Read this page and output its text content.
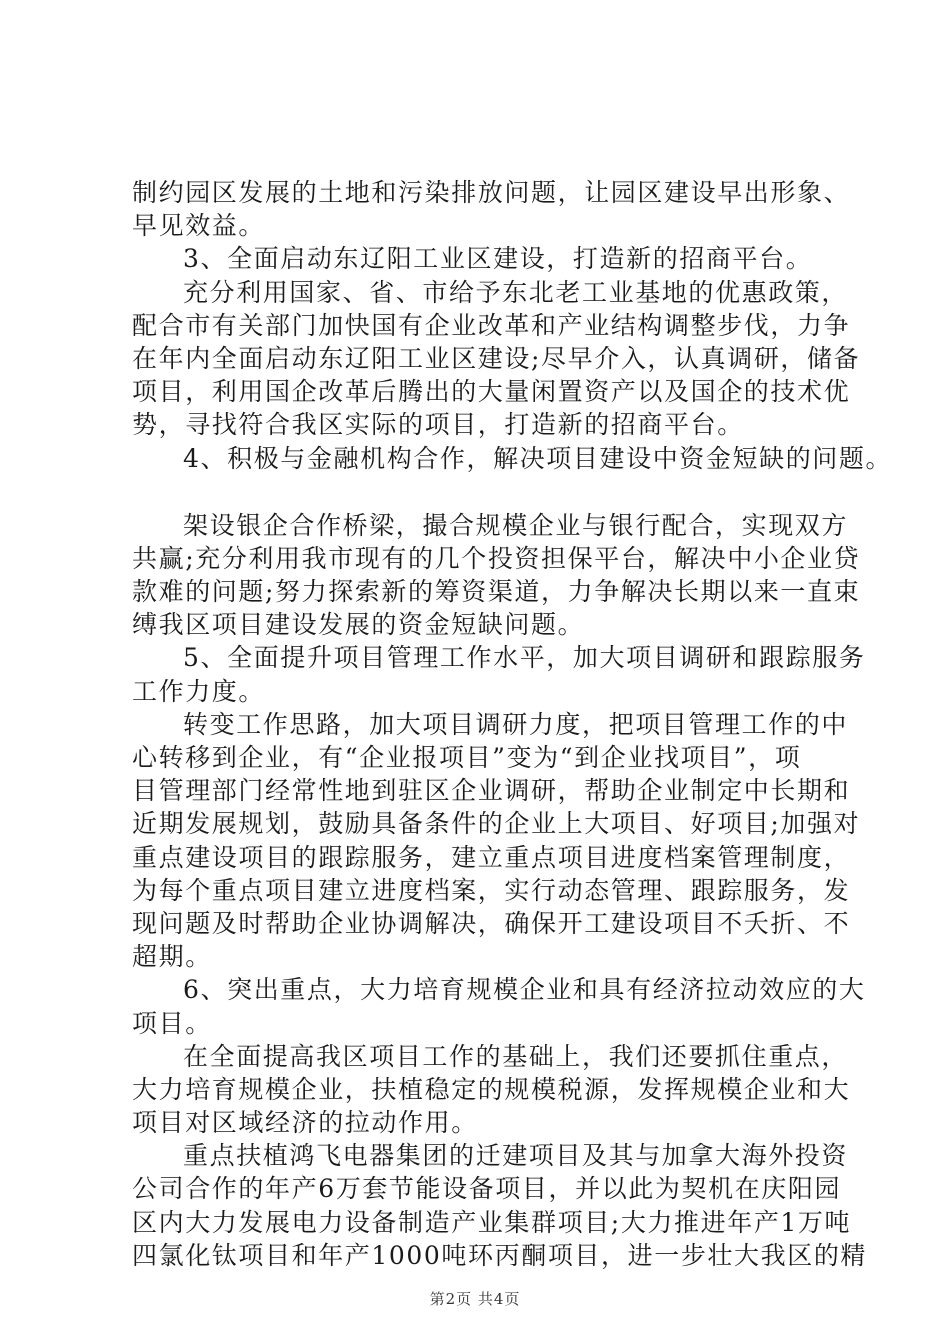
制约园区发展的土地和污染排放问题，让园区建设早出形象、
早见效益。
3、全面启动东辽阳工业区建设，打造新的招商平台。
充分利用国家、省、市给予东北老工业基地的优惠政策，
配合市有关部门加快国有企业改革和产业结构调整步伐，力争
在年内全面启动东辽阳工业区建设;尽早介入，认真调研，储备
项目，利用国企改革后腾出的大量闲置资产以及国企的技术优
势，寻找符合我区实际的项目，打造新的招商平台。
4、积极与金融机构合作，解决项目建设中资金短缺的问题。
架设银企合作桥梁，撮合规模企业与银行配合，实现双方
共赢;充分利用我市现有的几个投资担保平台，解决中小企业贷
款难的问题;努力探索新的筹资渠道，力争解决长期以来一直束
缚我区项目建设发展的资金短缺问题。
5、全面提升项目管理工作水平，加大项目调研和跟踪服务
工作力度。
转变工作思路，加大项目调研力度，把项目管理工作的中
心转移到企业，有“企业报项目”变为“到企业找项目”，项
目管理部门经常性地到驻区企业调研，帮助企业制定中长期和
近期发展规划，鼓励具备条件的企业上大项目、好项目;加强对
重点建设项目的跟踪服务，建立重点项目进度档案管理制度，
为每个重点项目建立进度档案，实行动态管理、跟踪服务，发
现问题及时帮助企业协调解决，确保开工建设项目不夭折、不
超期。
6、突出重点，大力培育规模企业和具有经济拉动效应的大
项目。
在全面提高我区项目工作的基础上，我们还要抓住重点，
大力培育规模企业，扶植稳定的规模税源，发挥规模企业和大
项目对区域经济的拉动作用。
重点扶植鸿飞电器集团的迁建项目及其与加拿大海外投资
公司合作的年产6万套节能设备项目，并以此为契机在庆阳园
区内大力发展电力设备制造产业集群项目;大力推进年产1万吨
四氯化钛项目和年产1000吨环丙酮项目，进一步壮大我区的精
第2页 共4页
